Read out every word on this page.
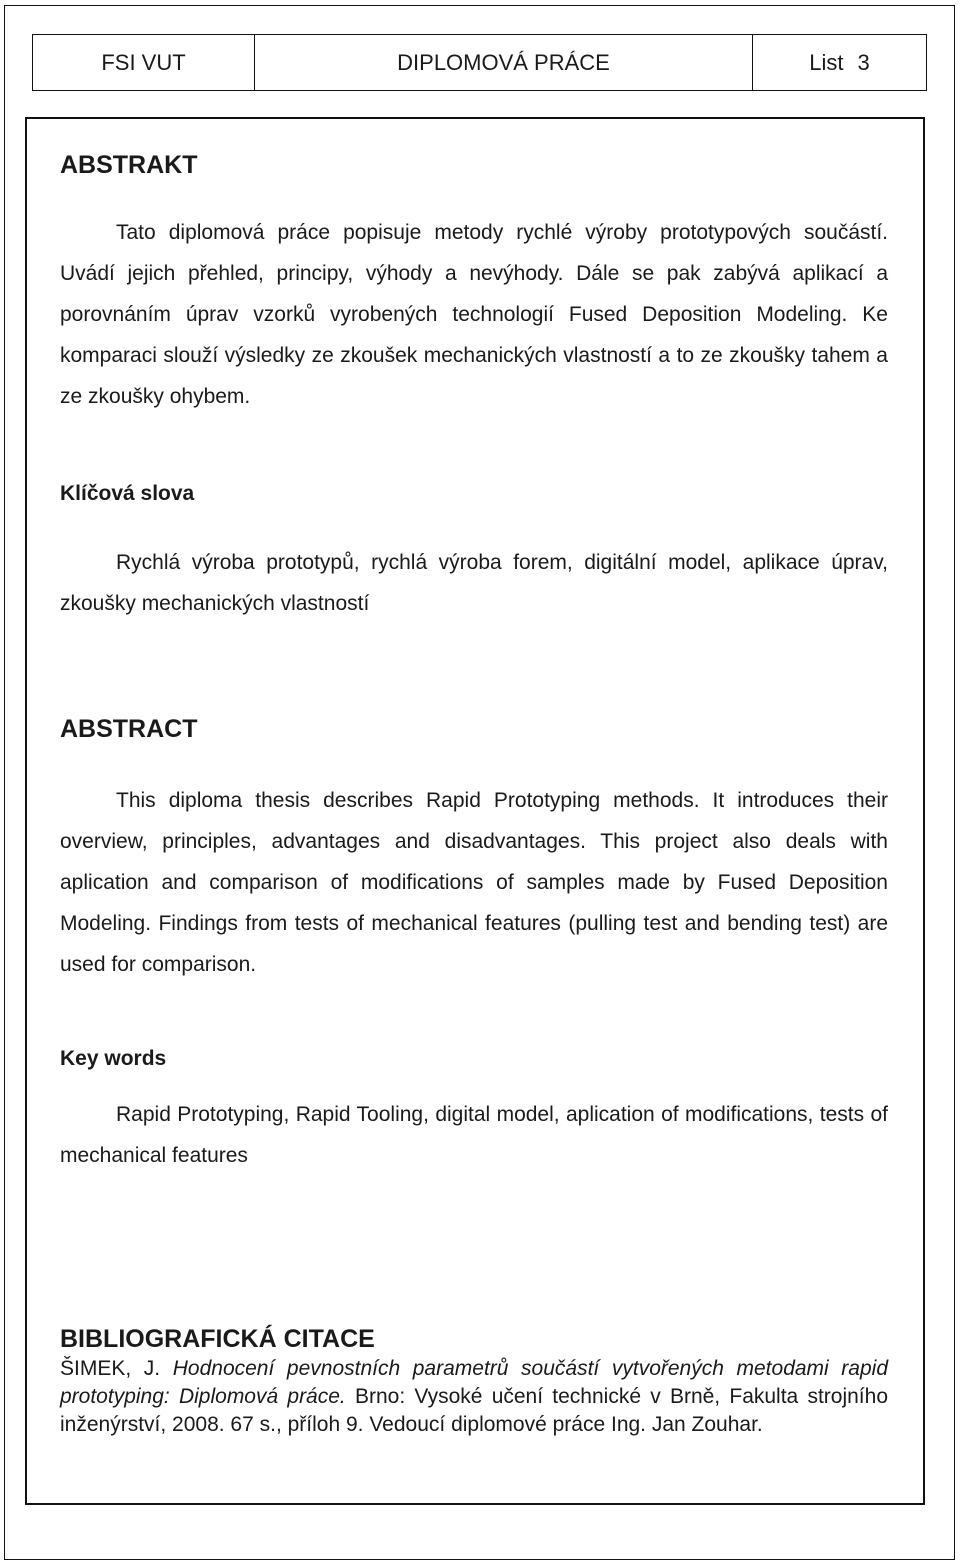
FSI VUT	DIPLOMOVÁ PRÁCE	List 3
ABSTRAKT

Tato diplomová práce popisuje metody rychlé výroby prototypových součástí. Uvádí jejich přehled, principy, výhody a nevýhody. Dále se pak zabývá aplikací a porovnáním úprav vzorků vyrobených technologií Fused Deposition Modeling. Ke komparaci slouží výsledky ze zkoušek mechanických vlastností a to ze zkoušky tahem a ze zkoušky ohybem.

Klíčová slova

Rychlá výroba prototypů, rychlá výroba forem, digitální model, aplikace úprav, zkoušky mechanických vlastností

ABSTRACT

This diploma thesis describes Rapid Prototyping methods. It introduces their overview, principles, advantages and disadvantages. This project also deals with aplication and comparison of modifications of samples made by Fused Deposition Modeling. Findings from tests of mechanical features (pulling test and bending test) are used for comparison.

Key words

Rapid Prototyping, Rapid Tooling, digital model, aplication of modifications, tests of mechanical features

BIBLIOGRAFICKÁ CITACE

ŠIMEK, J. Hodnocení pevnostních parametrů součástí vytvořených metodami rapid prototyping: Diplomová práce. Brno: Vysoké učení technické v Brně, Fakulta strojního inženýrství, 2008. 67 s., příloh 9. Vedoucí diplomové práce Ing. Jan Zouhar.
